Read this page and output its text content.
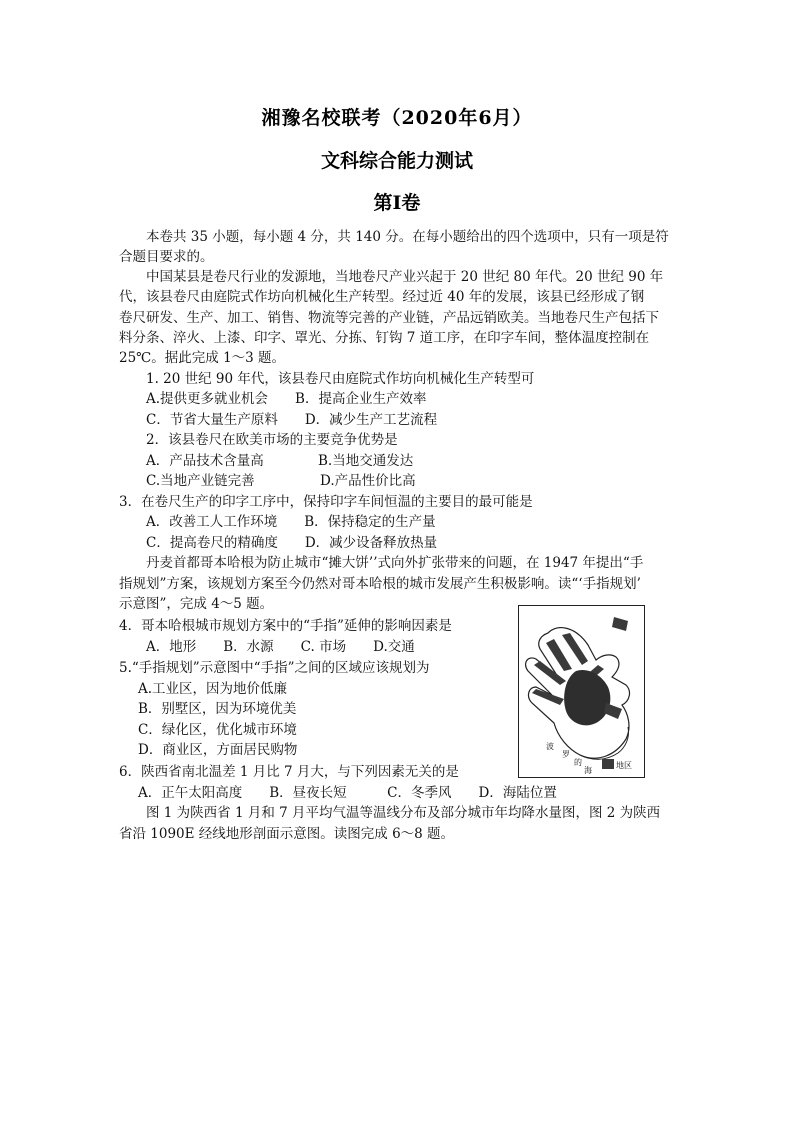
湘豫名校联考（2020年6月）
文科综合能力测试
第Ⅰ卷
本卷共 35 小题，每小题 4 分，共 140 分。在每小题给出的四个选项中，只有一项是符
合题目要求的。
中国某县是卷尺行业的发源地，当地卷尺产业兴起于 20 世纪 80 年代。20 世纪 90 年
代，该县卷尺由庭院式作坊向机械化生产转型。经过近 40 年的发展，该县已经形成了钢
卷尺研发、生产、加工、销售、物流等完善的产业链，产品远销欧美。当地卷尺生产包括下
料分条、淬火、上漆、印字、罩光、分拣、钉钩 7 道工序，在印字车间，整体温度控制在
25℃。据此完成 1～3 题。
1. 20 世纪 90 年代，该县卷尺由庭院式作坊向机械化生产转型可
A.提供更多就业机会　　B．提高企业生产效率
C．节省大量生产原料　　D．减少生产工艺流程
2．该县卷尺在欧美市场的主要竞争优势是
A．产品技术含量高	B.当地交通发达
C.当地产业链完善	D.产品性价比高
3．在卷尺生产的印字工序中，保持印字车间恒温的主要目的最可能是
A．改善工人工作环境　　B．保持稳定的生产量
C．提高卷尺的精确度　　D．减少设备释放热量
丹麦首都哥本哈根为防止城市“摊大饼’’式向外扩张带来的问题，在 1947 年提出“手
指规划”方案，该规划方案至今仍然对哥本哈根的城市发展产生积极影响。读“‘手指规划’
示意图”，完成 4～5 题。
4．哥本哈根城市规划方案中的“手指”延伸的影响因素是
A．地形　　B．水源　　C. 市场　　D.交通
5.“手指规划”示意图中“手指”之间的区域应该规划为
A.工业区，因为地价低廉
B．别墅区，因为环境优美
C．绿化区，优化城市环境
D．商业区，方面居民购物
6．陕西省南北温差 1 月比 7 月大，与下列因素无关的是
A．正午太阳高度　　B．昼夜长短　　　C．冬季风　　D．海陆位置
图 1 为陕西省 1 月和 7 月平均气温等温线分布及部分城市年均降水量图，图 2 为陕西
省沿 1090E 经线地形剖面示意图。读图完成 6～8 题。
波
罗
的
海
地区
